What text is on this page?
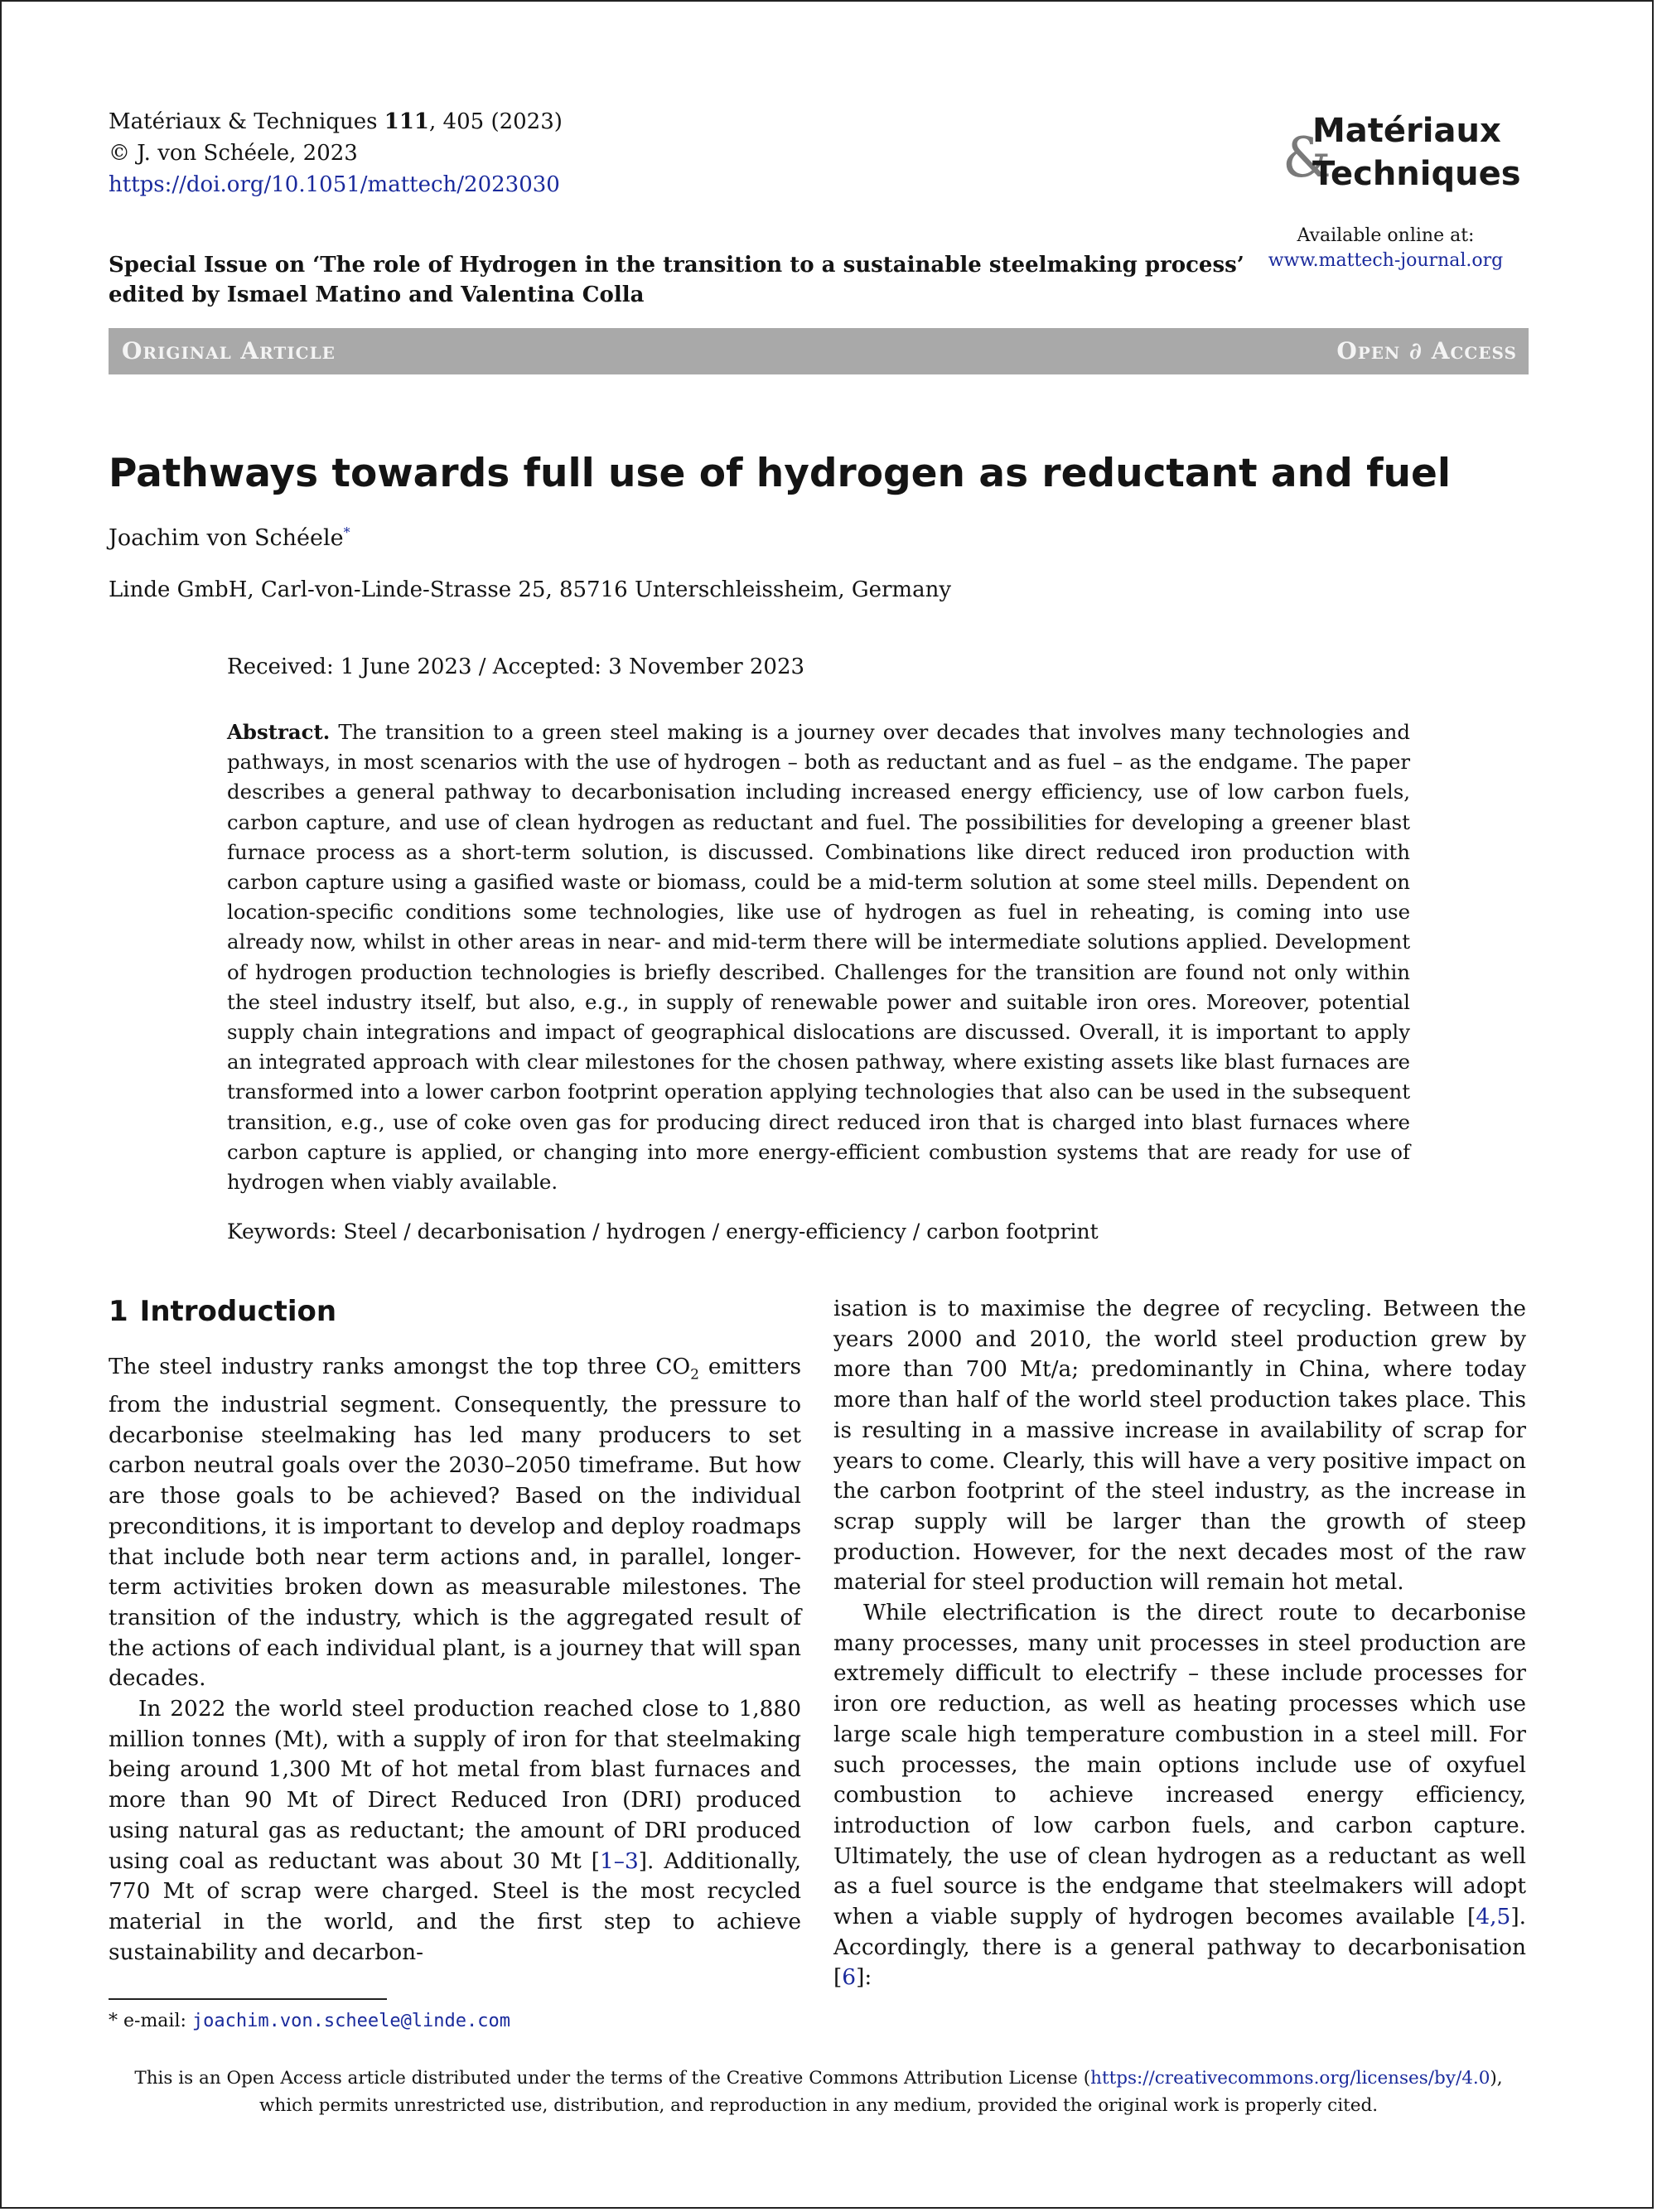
Matériaux & Techniques 111, 405 (2023)
© J. von Schéele, 2023
https://doi.org/10.1051/mattech/2023030	&
Matériaux
Techniques
Available online at:
www.mattech-journal.org
Special Issue on ‘The role of Hydrogen in the transition to a sustainable steelmaking process’
edited by Ismael Matino and Valentina Colla
Original Article	Open ∂ Access
Pathways towards full use of hydrogen as reductant and fuel
Joachim von Schéele*
Linde GmbH, Carl-von-Linde-Strasse 25, 85716 Unterschleissheim, Germany
Received: 1 June 2023 / Accepted: 3 November 2023
Abstract. The transition to a green steel making is a journey over decades that involves many technologies and pathways, in most scenarios with the use of hydrogen – both as reductant and as fuel – as the endgame. The paper describes a general pathway to decarbonisation including increased energy efficiency, use of low carbon fuels, carbon capture, and use of clean hydrogen as reductant and fuel. The possibilities for developing a greener blast furnace process as a short-term solution, is discussed. Combinations like direct reduced iron production with carbon capture using a gasified waste or biomass, could be a mid-term solution at some steel mills. Dependent on location-specific conditions some technologies, like use of hydrogen as fuel in reheating, is coming into use already now, whilst in other areas in near- and mid-term there will be intermediate solutions applied. Development of hydrogen production technologies is briefly described. Challenges for the transition are found not only within the steel industry itself, but also, e.g., in supply of renewable power and suitable iron ores. Moreover, potential supply chain integrations and impact of geographical dislocations are discussed. Overall, it is important to apply an integrated approach with clear milestones for the chosen pathway, where existing assets like blast furnaces are transformed into a lower carbon footprint operation applying technologies that also can be used in the subsequent transition, e.g., use of coke oven gas for producing direct reduced iron that is charged into blast furnaces where carbon capture is applied, or changing into more energy-efficient combustion systems that are ready for use of hydrogen when viably available.
Keywords: Steel / decarbonisation / hydrogen / energy-efficiency / carbon footprint
1 Introduction

The steel industry ranks amongst the top three $CO_2$ emitters from the industrial segment. Consequently, the pressure to decarbonise steelmaking has led many producers to set carbon neutral goals over the 2030–2050 timeframe. But how are those goals to be achieved? Based on the individual preconditions, it is important to develop and deploy roadmaps that include both near term actions and, in parallel, longer-term activities broken down as measurable milestones. The transition of the industry, which is the aggregated result of the actions of each individual plant, is a journey that will span decades.

In 2022 the world steel production reached close to 1,880 million tonnes (Mt), with a supply of iron for that steelmaking being around 1,300 Mt of hot metal from blast furnaces and more than 90 Mt of Direct Reduced Iron (DRI) produced using natural gas as reductant; the amount of DRI produced using coal as reductant was about 30 Mt [1–3]. Additionally, 770 Mt of scrap were charged. Steel is the most recycled material in the world, and the first step to achieve sustainability and decarbon-

isation is to maximise the degree of recycling. Between the years 2000 and 2010, the world steel production grew by more than 700 Mt/a; predominantly in China, where today more than half of the world steel production takes place. This is resulting in a massive increase in availability of scrap for years to come. Clearly, this will have a very positive impact on the carbon footprint of the steel industry, as the increase in scrap supply will be larger than the growth of steep production. However, for the next decades most of the raw material for steel production will remain hot metal.

While electrification is the direct route to decarbonise many processes, many unit processes in steel production are extremely difficult to electrify – these include processes for iron ore reduction, as well as heating processes which use large scale high temperature combustion in a steel mill. For such processes, the main options include use of oxyfuel combustion to achieve increased energy efficiency, introduction of low carbon fuels, and carbon capture. Ultimately, the use of clean hydrogen as a reductant as well as a fuel source is the endgame that steelmakers will adopt when a viable supply of hydrogen becomes available [4,5]. Accordingly, there is a general pathway to decarbonisation [6]:

* e-mail: joachim.von.scheele@linde.com
This is an Open Access article distributed under the terms of the Creative Commons Attribution License (https://creativecommons.org/licenses/by/4.0),
which permits unrestricted use, distribution, and reproduction in any medium, provided the original work is properly cited.
